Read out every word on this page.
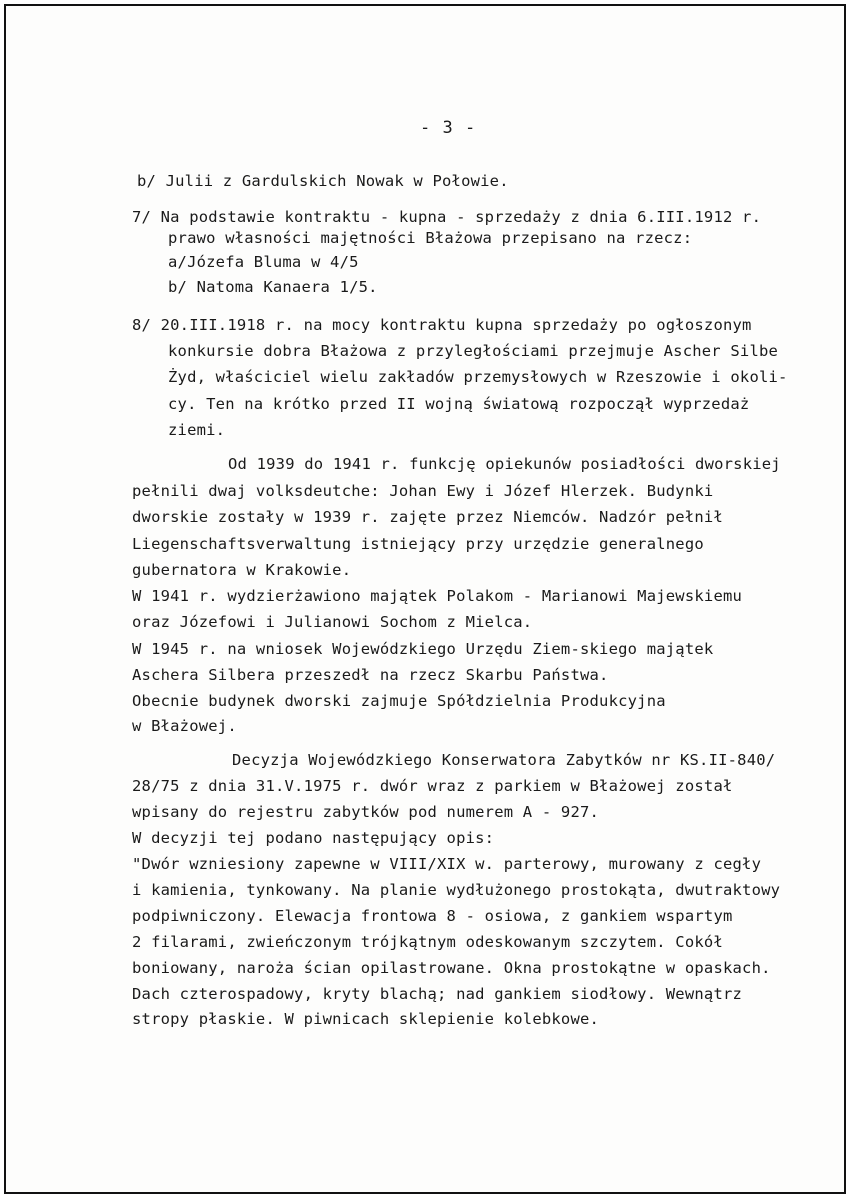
- 3 -
b/ Julii z Gardulskich Nowak w Połowie.
7/ Na podstawie kontraktu - kupna - sprzedaży z dnia 6.III.1912 r.
prawo własności majętności Błażowa przepisano na rzecz:
a/Józefa Bluma w 4/5
b/ Natoma Kanaera 1/5.
8/ 20.III.1918 r. na mocy kontraktu kupna sprzedaży po ogłoszonym
konkursie dobra Błażowa z przyległościami przejmuje Ascher Silbe
Żyd, właściciel wielu zakładów przemysłowych w Rzeszowie i okoli-
cy. Ten na krótko przed II wojną światową rozpoczął wyprzedaż
ziemi.
Od 1939 do 1941 r. funkcję opiekunów posiadłości dworskiej
pełnili dwaj volksdeutche: Johan Ewy i Józef Hlerzek. Budynki
dworskie zostały w 1939 r. zajęte przez Niemców. Nadzór pełnił
Liegenschaftsverwaltung istniejący przy urzędzie generalnego
gubernatora w Krakowie.
W 1941 r. wydzierżawiono majątek Polakom - Marianowi Majewskiemu
oraz Józefowi i Julianowi Sochom z Mielca.
W 1945 r. na wniosek Wojewódzkiego Urzędu Ziem-skiego majątek
Aschera Silbera przeszedł na rzecz Skarbu Państwa.
Obecnie budynek dworski zajmuje Spółdzielnia Produkcyjna
w Błażowej.
Decyzja Wojewódzkiego Konserwatora Zabytków nr KS.II-840/
28/75 z dnia 31.V.1975 r. dwór wraz z parkiem w Błażowej został
wpisany do rejestru zabytków pod numerem A - 927.
W decyzji tej podano następujący opis:
"Dwór wzniesiony zapewne w VIII/XIX w. parterowy, murowany z cegły
i kamienia, tynkowany. Na planie wydłużonego prostokąta, dwutraktowy
podpiwniczony. Elewacja frontowa 8 - osiowa, z gankiem wspartym
2 filarami, zwieńczonym trójkątnym odeskowanym szczytem. Cokół
boniowany, naroża ścian opilastrowane. Okna prostokątne w opaskach.
Dach czterospadowy, kryty blachą; nad gankiem siodłowy. Wewnątrz
stropy płaskie. W piwnicach sklepienie kolebkowe.
